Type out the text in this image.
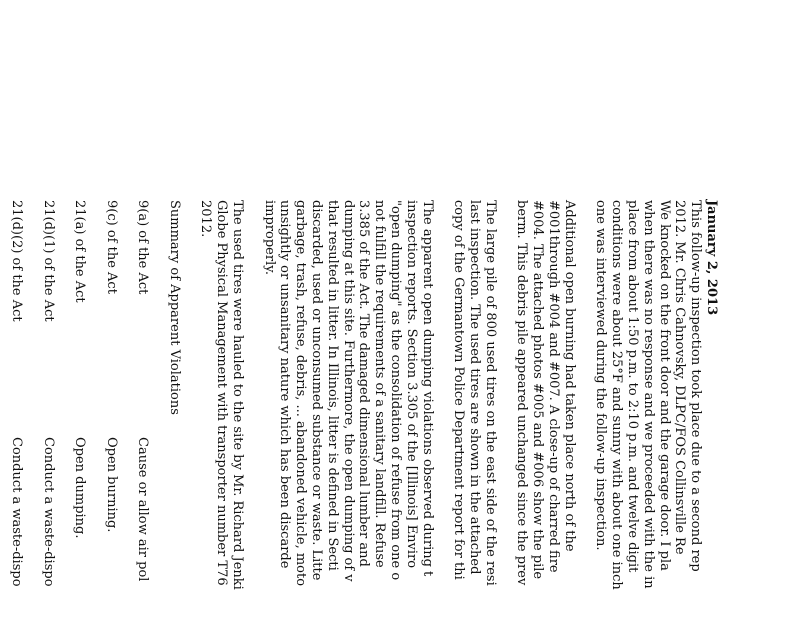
January 2, 2013
This follow-up inspection took place due to a second rep
2012. Mr. Chris Cahnovsky, DLPC/FOS Collinsville Re
We knocked on the front door and the garage door. I pla
when there was no response and we proceeded with the in
place from about 1:50 p.m. to 2:10 p.m. and twelve digit
conditions were about 25°F and sunny with about one inch
one was interviewed during the follow-up inspection.
Additional open burning had taken place north of the
#001through #004 and #007. A close-up of charred fire
#004. The attached photos #005 and #006 show the pile
berm. This debris pile appeared unchanged since the prev
The large pile of 800 used tires on the east side of the resi
last inspection. The used tires are shown in the attached
copy of the Germantown Police Department report for thi
The apparent open dumping violations observed during t
inspection reports. Section 3.305 of the [Illinois] Enviro
"open dumping" as the consolidation of refuse from one o
not fulfill the requirements of a sanitary landfill. Refuse
3.385 of the Act. The damaged dimensional lumber and
dumping at this site. Furthermore, the open dumping of v
that resulted in litter. In Illinois, litter is defined in Secti
discarded, used or unconsumed substance or waste. Litte
garbage, trash, refuse, debris, ... abandoned vehicle, moto
unsightly or unsanitary nature which has been discarde
improperly.
The used tires were hauled to the site by Mr. Richard Jenki
Globe Physical Management with transporter number T76
2012.
Summary of Apparent Violations
9(a) of the Act
Cause or allow air pol
9(c) of the Act
Open burning.
21(a) of the Act
Open dumping.
21(d)(1) of the Act
Conduct a waste-dispo
21(d)(2) of the Act
Conduct a waste-dispo
